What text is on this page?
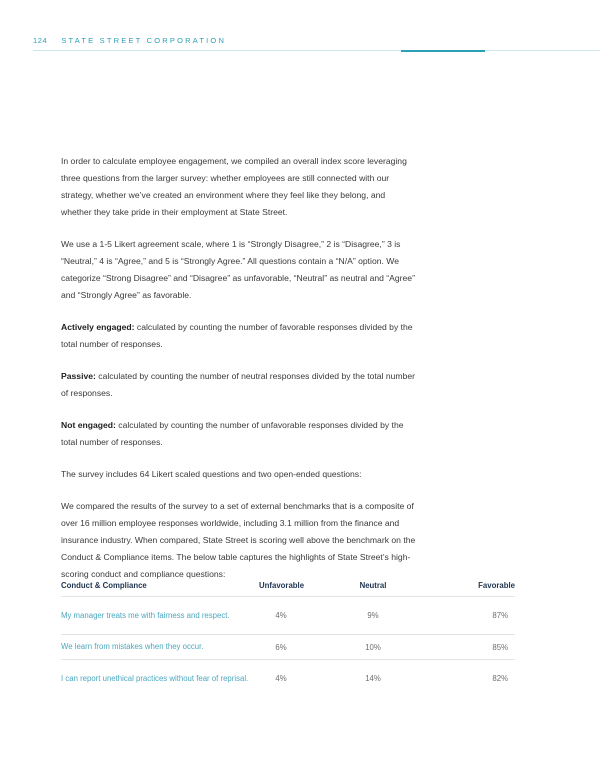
124 STATE STREET CORPORATION

In order to calculate employee engagement, we compiled an overall index score leveraging three questions from the larger survey: whether employees are still connected with our strategy, whether we’ve created an environment where they feel like they belong, and whether they take pride in their employment at State Street.

We use a 1-5 Likert agreement scale, where 1 is “Strongly Disagree,” 2 is “Disagree,” 3 is “Neutral,” 4 is “Agree,” and 5 is “Strongly Agree.” All questions contain a “N/A” option. We categorize “Strong Disagree” and “Disagree” as unfavorable, “Neutral” as neutral and “Agree” and “Strongly Agree” as favorable.

Actively engaged: calculated by counting the number of favorable responses divided by the total number of responses.

Passive: calculated by counting the number of neutral responses divided by the total number of responses.

Not engaged: calculated by counting the number of unfavorable responses divided by the total number of responses.

The survey includes 64 Likert scaled questions and two open-ended questions:

We compared the results of the survey to a set of external benchmarks that is a composite of over 16 million employee responses worldwide, including 3.1 million from the finance and insurance industry. When compared, State Street is scoring well above the benchmark on the Conduct & Compliance items. The below table captures the highlights of State Street’s high-scoring conduct and compliance questions:

Conduct & Compliance	Unfavorable	Neutral	Favorable
My manager treats me with fairness and respect.	4%	9%	87%
We learn from mistakes when they occur.	6%	10%	85%
I can report unethical practices without fear of reprisal.	4%	14%	82%
